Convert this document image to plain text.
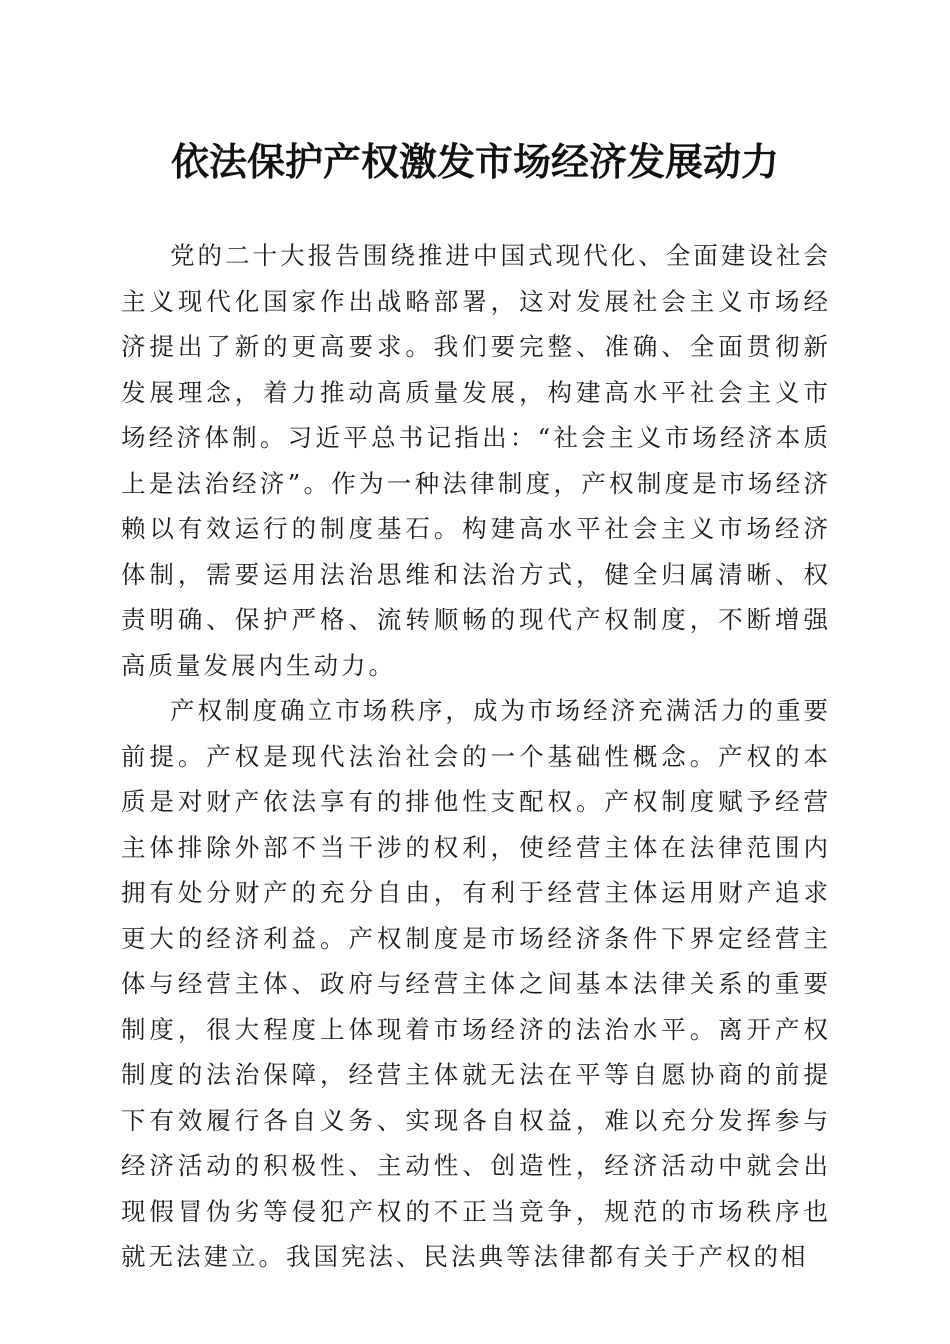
依法保护产权激发市场经济发展动力

党的二十大报告围绕推进中国式现代化、全面建设社会主义现代化国家作出战略部署，这对发展社会主义市场经济提出了新的更高要求。我们要完整、准确、全面贯彻新发展理念，着力推动高质量发展，构建高水平社会主义市场经济体制。习近平总书记指出：“社会主义市场经济本质上是法治经济”。作为一种法律制度，产权制度是市场经济赖以有效运行的制度基石。构建高水平社会主义市场经济体制，需要运用法治思维和法治方式，健全归属清晰、权责明确、保护严格、流转顺畅的现代产权制度，不断增强高质量发展内生动力。

产权制度确立市场秩序，成为市场经济充满活力的重要前提。产权是现代法治社会的一个基础性概念。产权的本质是对财产依法享有的排他性支配权。产权制度赋予经营主体排除外部不当干涉的权利，使经营主体在法律范围内拥有处分财产的充分自由，有利于经营主体运用财产追求更大的经济利益。产权制度是市场经济条件下界定经营主体与经营主体、政府与经营主体之间基本法律关系的重要制度，很大程度上体现着市场经济的法治水平。离开产权制度的法治保障，经营主体就无法在平等自愿协商的前提下有效履行各自义务、实现各自权益，难以充分发挥参与经济活动的积极性、主动性、创造性，经济活动中就会出现假冒伪劣等侵犯产权的不正当竞争，规范的市场秩序也就无法建立。我国宪法、民法典等法律都有关于产权的相
